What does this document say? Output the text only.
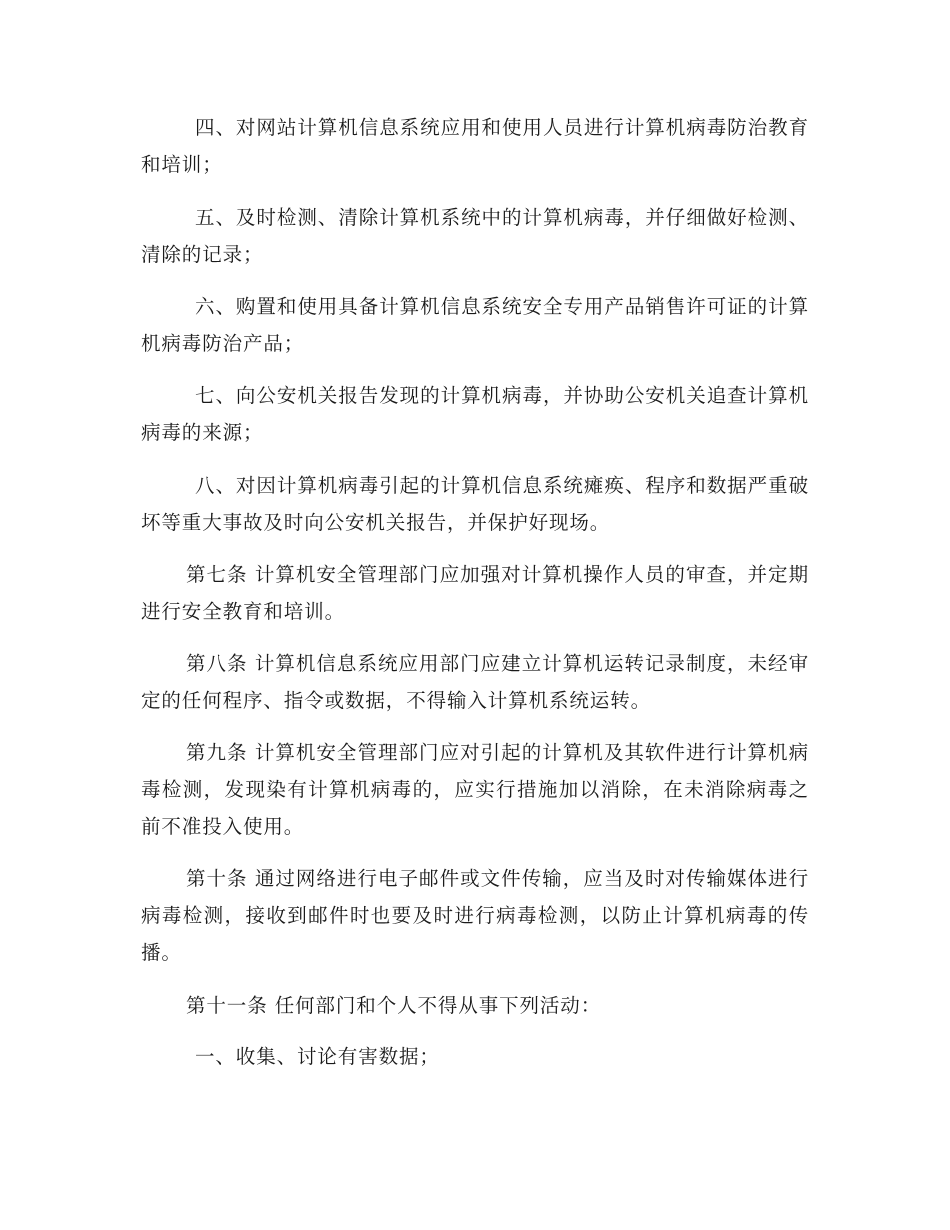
四、对网站计算机信息系统应用和使用人员进行计算机病毒防治教育和培训；

五、及时检测、清除计算机系统中的计算机病毒，并仔细做好检测、清除的记录；

六、购置和使用具备计算机信息系统安全专用产品销售许可证的计算机病毒防治产品；

七、向公安机关报告发现的计算机病毒，并协助公安机关追查计算机病毒的来源；

八、对因计算机病毒引起的计算机信息系统瘫痪、程序和数据严重破坏等重大事故及时向公安机关报告，并保护好现场。

第七条 计算机安全管理部门应加强对计算机操作人员的审查，并定期进行安全教育和培训。

第八条 计算机信息系统应用部门应建立计算机运转记录制度，未经审定的任何程序、指令或数据，不得输入计算机系统运转。

第九条 计算机安全管理部门应对引起的计算机及其软件进行计算机病毒检测，发现染有计算机病毒的，应实行措施加以消除，在未消除病毒之前不准投入使用。

第十条 通过网络进行电子邮件或文件传输，应当及时对传输媒体进行病毒检测，接收到邮件时也要及时进行病毒检测，以防止计算机病毒的传播。

第十一条 任何部门和个人不得从事下列活动：

一、收集、讨论有害数据；
